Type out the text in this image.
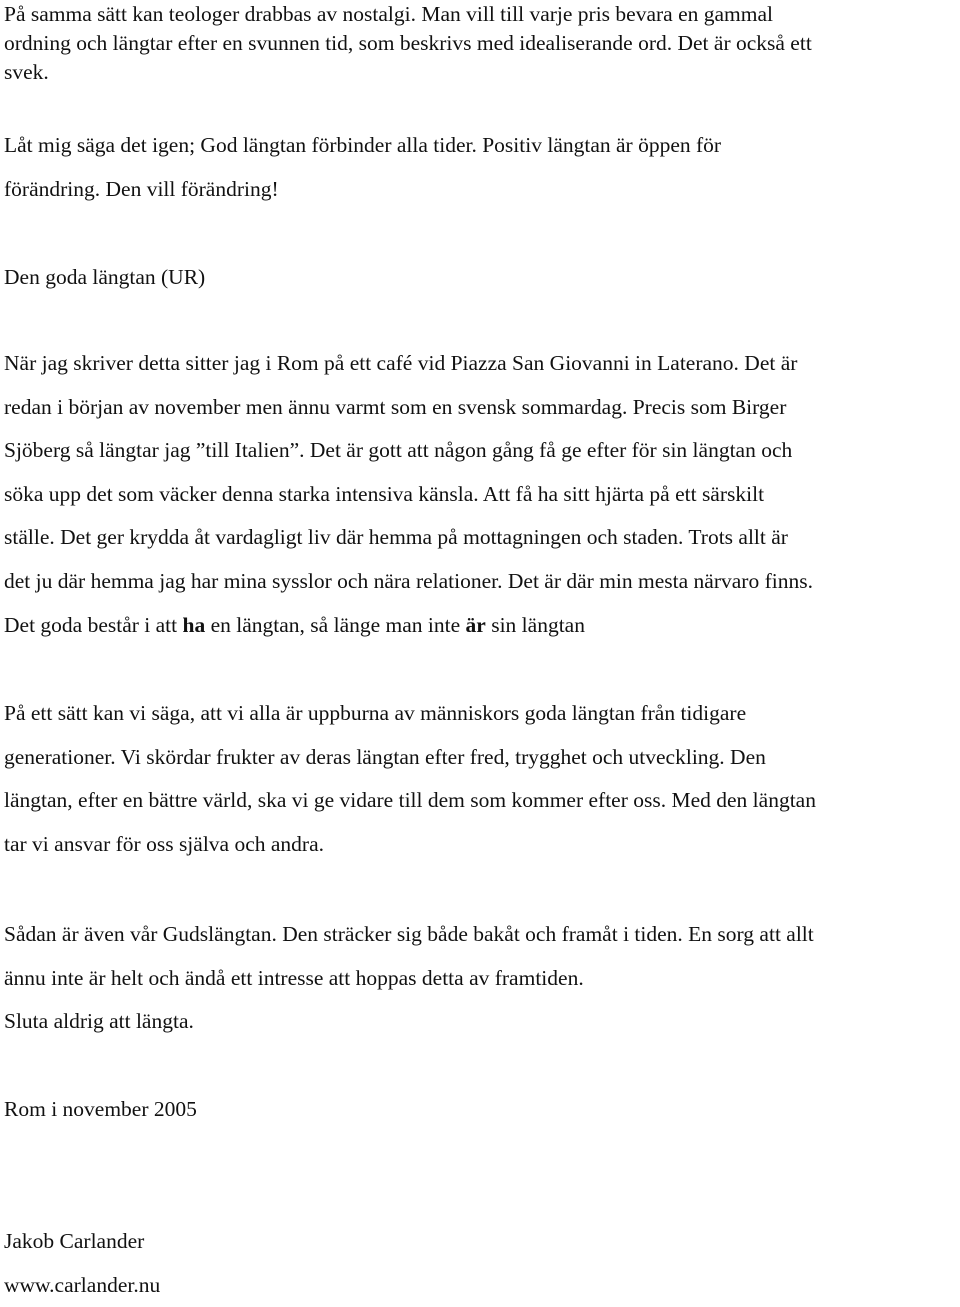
På samma sätt kan teologer drabbas av nostalgi. Man vill till varje pris bevara en gammal

ordning och längtar efter en svunnen tid, som beskrivs med idealiserande ord. Det är också ett

svek.

Låt mig säga det igen; God längtan förbinder alla tider. Positiv längtan är öppen för

förändring. Den vill förändring!

Den goda längtan (UR)

När jag skriver detta sitter jag i Rom på ett café vid Piazza San Giovanni in Laterano. Det är

redan i början av november men ännu varmt som en svensk sommardag. Precis som Birger

Sjöberg så längtar jag ”till Italien”. Det är gott att någon gång få ge efter för sin längtan och

söka upp det som väcker denna starka intensiva känsla. Att få ha sitt hjärta på ett särskilt

ställe. Det ger krydda åt vardagligt liv där hemma på mottagningen och staden. Trots allt är

det ju där hemma jag har mina sysslor och nära relationer. Det är där min mesta närvaro finns.

Det goda består i att ha en längtan, så länge man inte är sin längtan

På ett sätt kan vi säga, att vi alla är uppburna av människors goda längtan från tidigare

generationer. Vi skördar frukter av deras längtan efter fred, trygghet och utveckling. Den

längtan, efter en bättre värld, ska vi ge vidare till dem som kommer efter oss. Med den längtan

tar vi ansvar för oss själva och andra.

Sådan är även vår Gudslängtan. Den sträcker sig både bakåt och framåt i tiden. En sorg att allt

ännu inte är helt och ändå ett intresse att hoppas detta av framtiden.

Sluta aldrig att längta.

Rom i november 2005

Jakob Carlander

www.carlander.nu
